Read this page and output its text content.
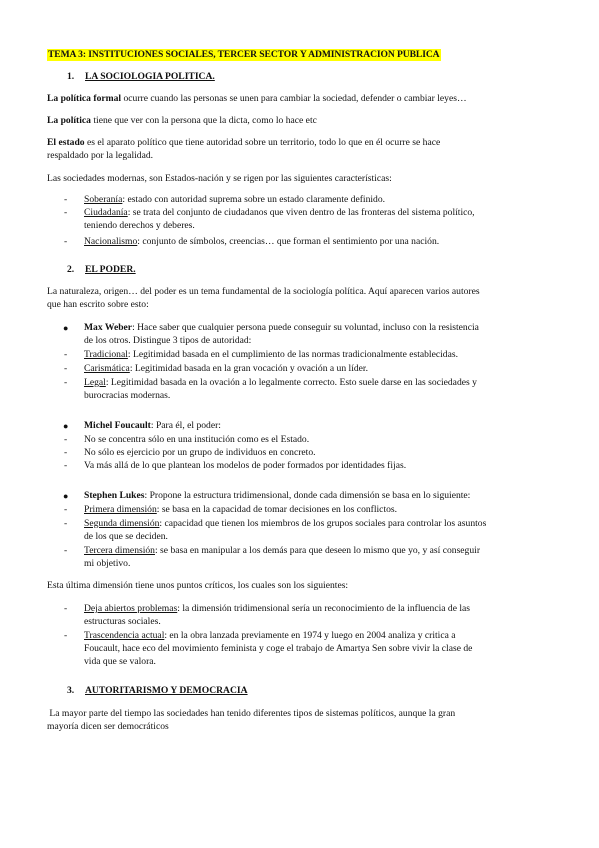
TEMA 3: INSTITUCIONES SOCIALES, TERCER SECTOR Y ADMINISTRACION PUBLICA
1. LA SOCIOLOGIA POLITICA.
La política formal ocurre cuando las personas se unen para cambiar la sociedad, defender o cambiar leyes…
La política tiene que ver con la persona que la dicta, como lo hace etc
El estado es el aparato político que tiene autoridad sobre un territorio, todo lo que en él ocurre se hace
respaldado por la legalidad.
Las sociedades modernas, son Estados-nación y se rigen por las siguientes características:
- Soberanía: estado con autoridad suprema sobre un estado claramente definido.
- Ciudadanía: se trata del conjunto de ciudadanos que viven dentro de las fronteras del sistema político,
teniendo derechos y deberes.
- Nacionalismo: conjunto de símbolos, creencias… que forman el sentimiento por una nación.
2. EL PODER.
La naturaleza, origen… del poder es un tema fundamental de la sociología política. Aquí aparecen varios autores
que han escrito sobre esto:
● Max Weber: Hace saber que cualquier persona puede conseguir su voluntad, incluso con la resistencia
de los otros. Distingue 3 tipos de autoridad:
- Tradicional: Legitimidad basada en el cumplimiento de las normas tradicionalmente establecidas.
- Carismática: Legitimidad basada en la gran vocación y ovación a un líder.
- Legal: Legitimidad basada en la ovación a lo legalmente correcto. Esto suele darse en las sociedades y
burocracias modernas.
● Michel Foucault: Para él, el poder:
- No se concentra sólo en una institución como es el Estado.
- No sólo es ejercicio por un grupo de individuos en concreto.
- Va más allá de lo que plantean los modelos de poder formados por identidades fijas.
● Stephen Lukes: Propone la estructura tridimensional, donde cada dimensión se basa en lo siguiente:
- Primera dimensión: se basa en la capacidad de tomar decisiones en los conflictos.
- Segunda dimensión: capacidad que tienen los miembros de los grupos sociales para controlar los asuntos
de los que se deciden.
- Tercera dimensión: se basa en manipular a los demás para que deseen lo mismo que yo, y así conseguir
mi objetivo.
Esta última dimensión tiene unos puntos críticos, los cuales son los siguientes:
- Deja abiertos problemas: la dimensión tridimensional sería un reconocimiento de la influencia de las
estructuras sociales.
- Trascendencia actual: en la obra lanzada previamente en 1974 y luego en 2004 analiza y critica a
Foucault, hace eco del movimiento feminista y coge el trabajo de Amartya Sen sobre vivir la clase de
vida que se valora.
3. AUTORITARISMO Y DEMOCRACIA
La mayor parte del tiempo las sociedades han tenido diferentes tipos de sistemas políticos, aunque la gran
mayoría dicen ser democráticos
